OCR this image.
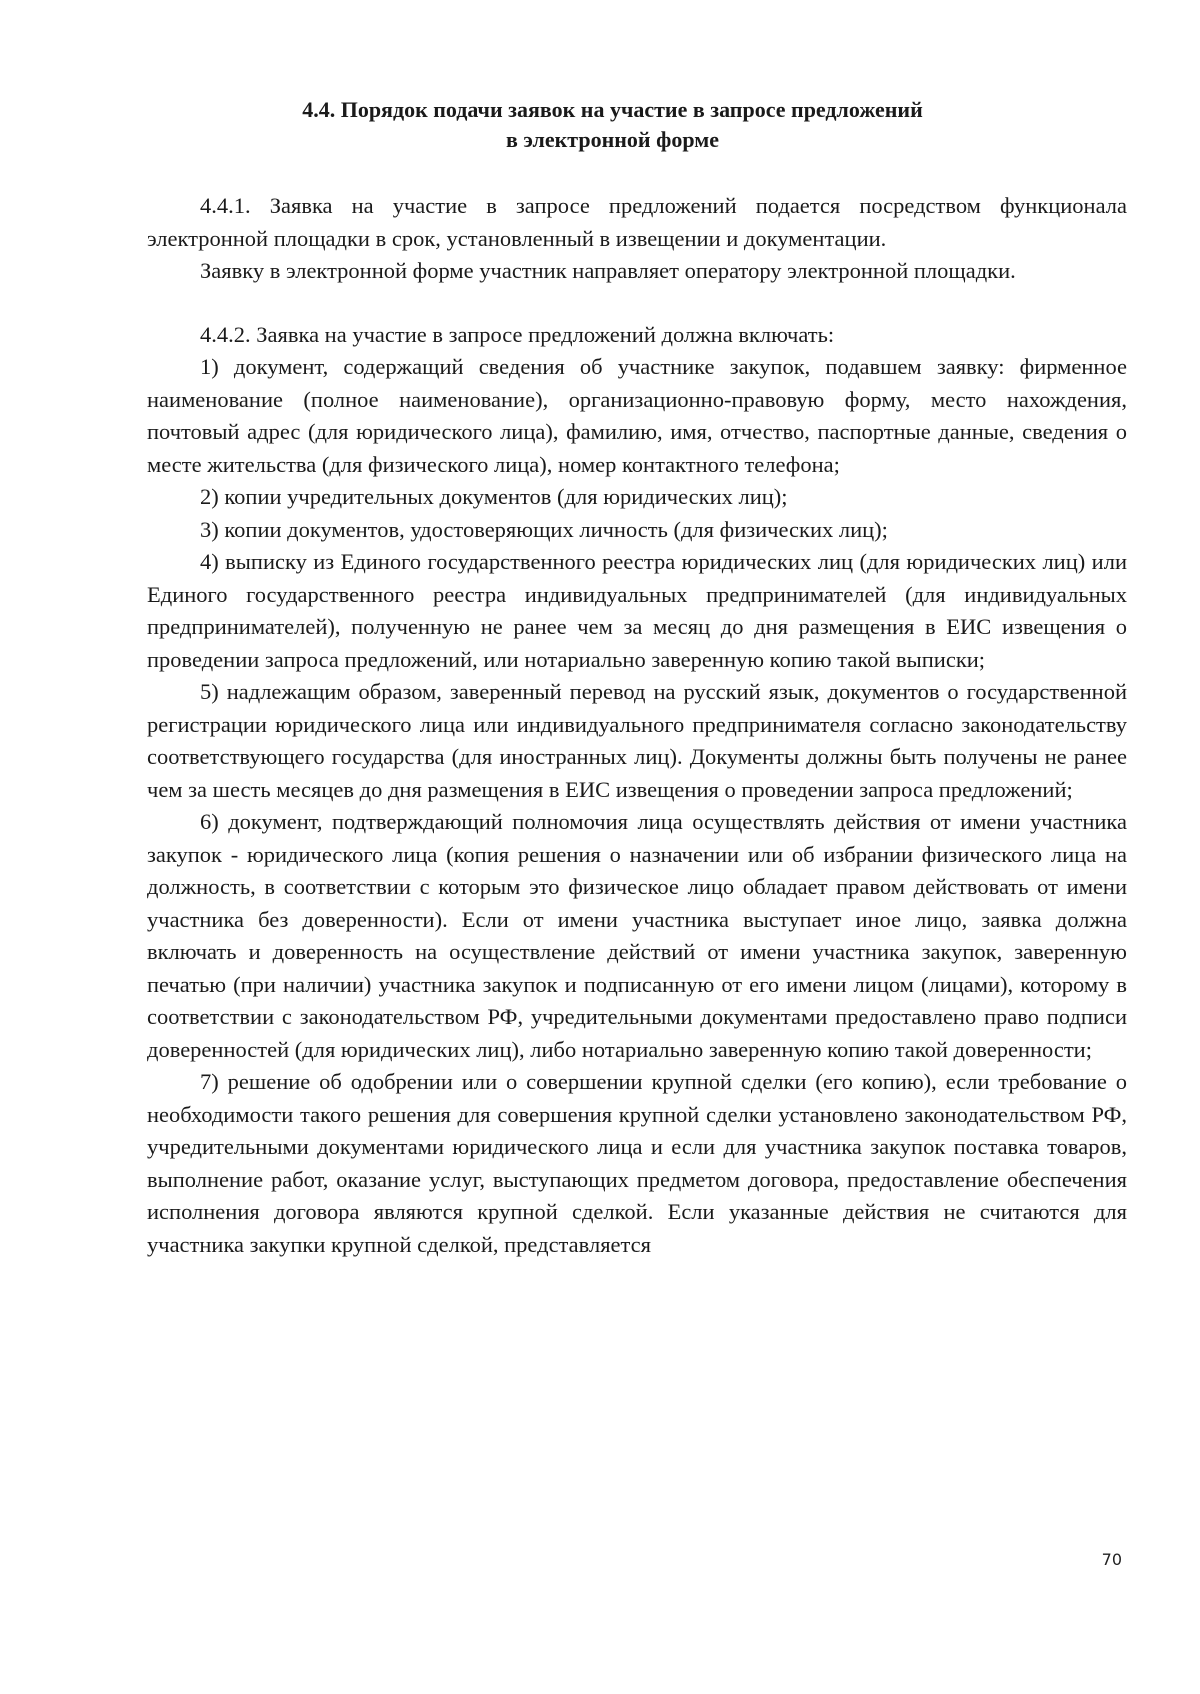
4.4. Порядок подачи заявок на участие в запросе предложений
в электронной форме

4.4.1. Заявка на участие в запросе предложений подается посредством функционала электронной площадки в срок, установленный в извещении и документации.

Заявку в электронной форме участник направляет оператору электронной площадки.

4.4.2. Заявка на участие в запросе предложений должна включать:

1) документ, содержащий сведения об участнике закупок, подавшем заявку: фирменное наименование (полное наименование), организационно-правовую форму, место нахождения, почтовый адрес (для юридического лица), фамилию, имя, отчество, паспортные данные, сведения о месте жительства (для физического лица), номер контактного телефона;

2) копии учредительных документов (для юридических лиц);

3) копии документов, удостоверяющих личность (для физических лиц);

4) выписку из Единого государственного реестра юридических лиц (для юридических лиц) или Единого государственного реестра индивидуальных предпринимателей (для индивидуальных предпринимателей), полученную не ранее чем за месяц до дня размещения в ЕИС извещения о проведении запроса предложений, или нотариально заверенную копию такой выписки;

5) надлежащим образом, заверенный перевод на русский язык, документов о государственной регистрации юридического лица или индивидуального предпринимателя согласно законодательству соответствующего государства (для иностранных лиц). Документы должны быть получены не ранее чем за шесть месяцев до дня размещения в ЕИС извещения о проведении запроса предложений;

6) документ, подтверждающий полномочия лица осуществлять действия от имени участника закупок - юридического лица (копия решения о назначении или об избрании физического лица на должность, в соответствии с которым это физическое лицо обладает правом действовать от имени участника без доверенности). Если от имени участника выступает иное лицо, заявка должна включать и доверенность на осуществление действий от имени участника закупок, заверенную печатью (при наличии) участника закупок и подписанную от его имени лицом (лицами), которому в соответствии с законодательством РФ, учредительными документами предоставлено право подписи доверенностей (для юридических лиц), либо нотариально заверенную копию такой доверенности;

7) решение об одобрении или о совершении крупной сделки (его копию), если требование о необходимости такого решения для совершения крупной сделки установлено законодательством РФ, учредительными документами юридического лица и если для участника закупок поставка товаров, выполнение работ, оказание услуг, выступающих предметом договора, предоставление обеспечения исполнения договора являются крупной сделкой. Если указанные действия не считаются для участника закупки крупной сделкой, представляется

70
